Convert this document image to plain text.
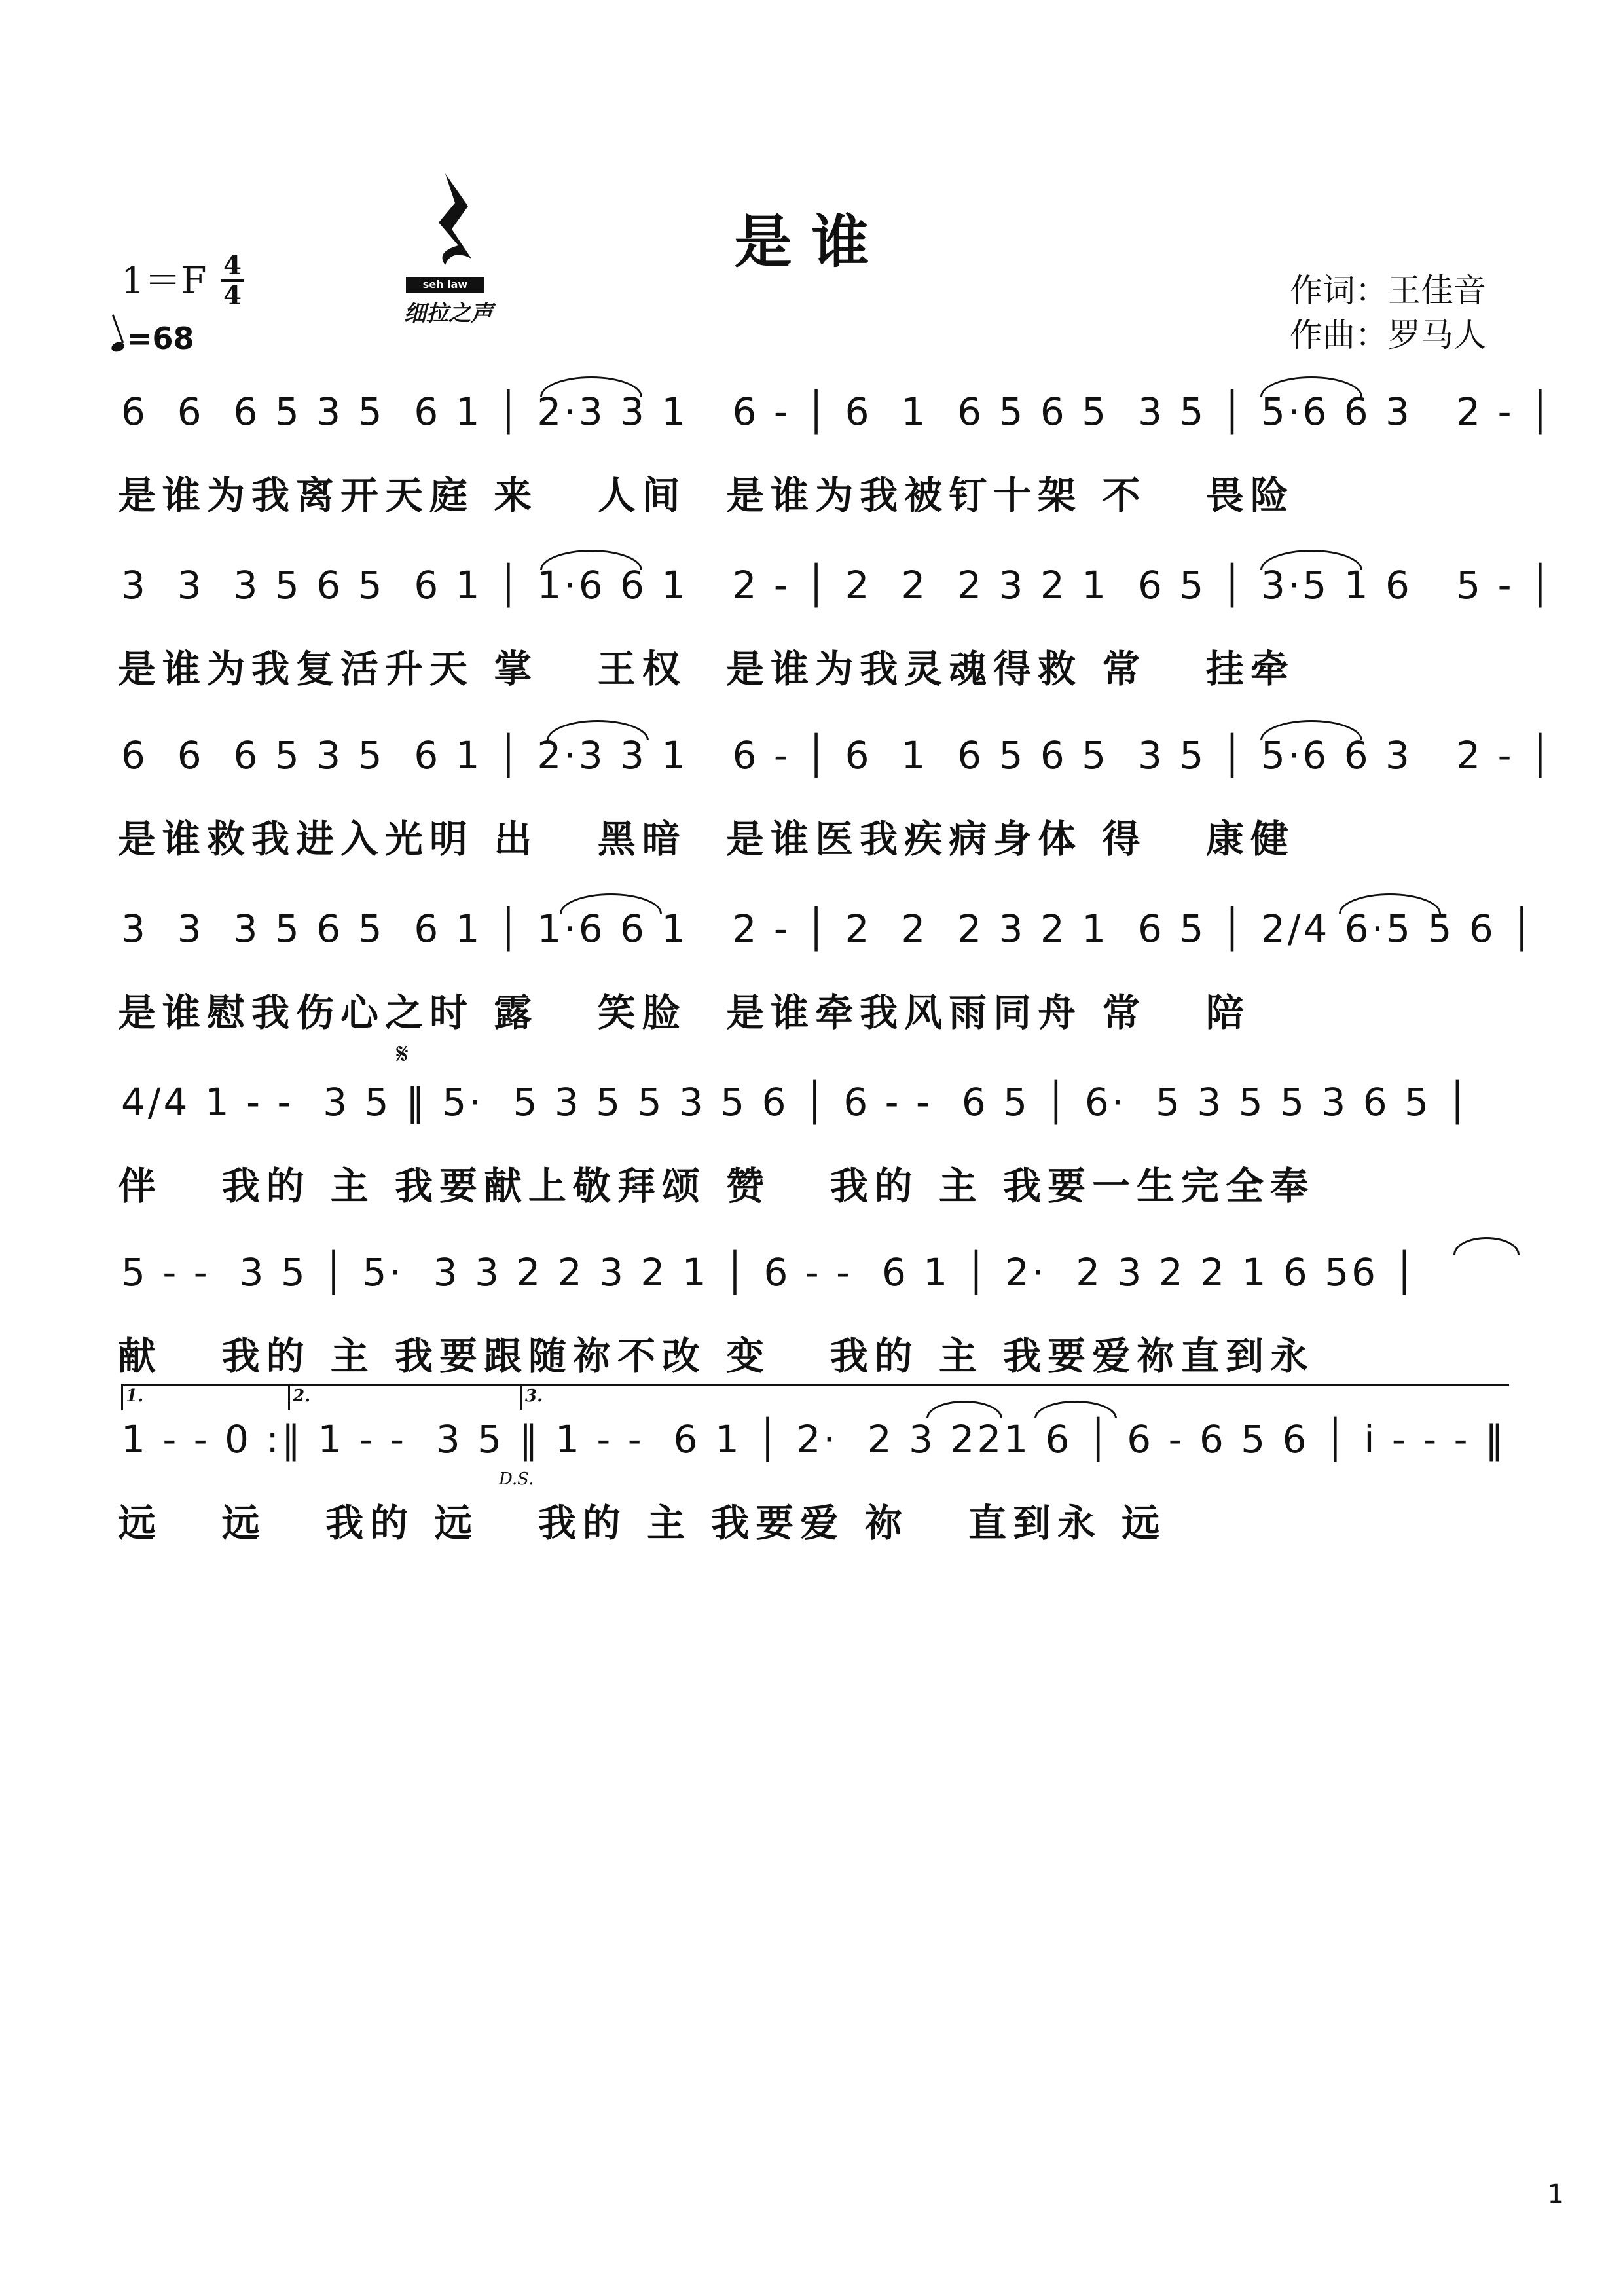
是谁
seh law
细拉之声
1＝F 4
4
=68
作词：王佳音
作曲：罗马人
6  6  6 5 3 5  6 1 │ 2·3 3 1   6 - │ 6  1  6 5 6 5  3 5 │ 5·6 6 3   2 - │
是谁为我离开天庭 来   人间  是谁为我被钉十架 不   畏险
3  3  3 5 6 5  6 1 │ 1·6 6 1   2 - │ 2  2  2 3 2 1  6 5 │ 3·5 1 6   5 - │
是谁为我复活升天 掌   王权  是谁为我灵魂得救 常   挂牵
6  6  6 5 3 5  6 1 │ 2·3 3 1   6 - │ 6  1  6 5 6 5  3 5 │ 5·6 6 3   2 - │
是谁救我进入光明 出   黑暗  是谁医我疾病身体 得   康健
3  3  3 5 6 5  6 1 │ 1·6 6 1   2 - │ 2  2  2 3 2 1  6 5 │ 2/4 6·5 5 6 │
是谁慰我伤心之时 露   笑脸  是谁牵我风雨同舟 常   陪
𝄋
4/4 1 - -  3 5 ‖ 5·  5 3 5 5 3 5 6 │ 6 - -  6 5 │ 6·  5 3 5 5 3 6 5 │
伴   我的 主 我要献上敬拜颂 赞   我的 主 我要一生完全奉
5 - -  3 5 │ 5·  3 3 2 2 3 2 1 │ 6 - -  6 1 │ 2·  2 3 2 2 1 6 56 │
献   我的 主 我要跟随祢不改 变   我的 主 我要爱祢直到永
1.	2.	3.
1 - - 0 :‖ 1 - -  3 5 ‖ 1 - -  6 1 │ 2·  2 3 221 6 │ 6 - 6 5 6 │ i - - - ‖
D.S.
远   远   我的 远   我的 主 我要爱 祢   直到永 远
1
